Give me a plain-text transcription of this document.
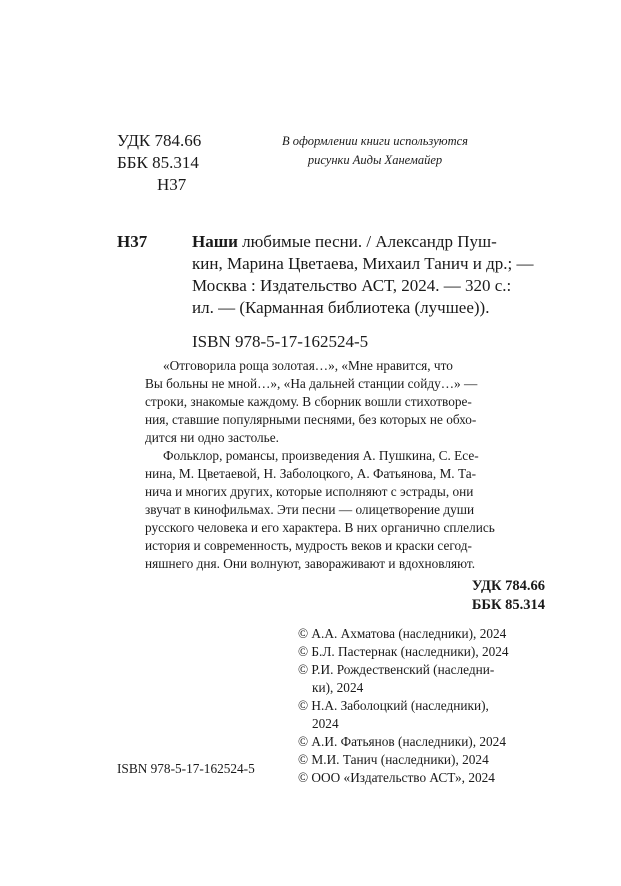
УДК 784.66
ББК 85.314
Н37
В оформлении книги используются
рисунки Аиды Ханемайер
Н37	Наши любимые песни. / Александр Пуш-
кин, Марина Цветаева, Михаил Танич и др.; —
Москва : Издательство АСТ, 2024. — 320 с.:
ил. — (Карманная библиотека (лучшее)).
ISBN 978-5-17-162524-5
«Отговорила роща золотая…», «Мне нравится, что
Вы больны не мной…», «На дальней станции сойду…» —
строки, знакомые каждому. В сборник вошли стихотворе-
ния, ставшие популярными песнями, без которых не обхо-
дится ни одно застолье.
Фольклор, романсы, произведения А. Пушкина, С. Есе-
нина, М. Цветаевой, Н. Заболоцкого, А. Фатьянова, М. Та-
нича и многих других, которые исполняют с эстрады, они
звучат в кинофильмах. Эти песни — олицетворение души
русского человека и его характера. В них органично сплелись
история и современность, мудрость веков и краски сегод-
няшнего дня. Они волнуют, завораживают и вдохновляют.
УДК 784.66
ББК 85.314
© А.А. Ахматова (наследники), 2024
© Б.Л. Пастернак (наследники), 2024
© Р.И. Рождественский (наследни-
ки), 2024
© Н.А. Заболоцкий (наследники),
2024
© А.И. Фатьянов (наследники), 2024
© М.И. Танич (наследники), 2024
© ООО «Издательство АСТ», 2024
ISBN 978-5-17-162524-5
